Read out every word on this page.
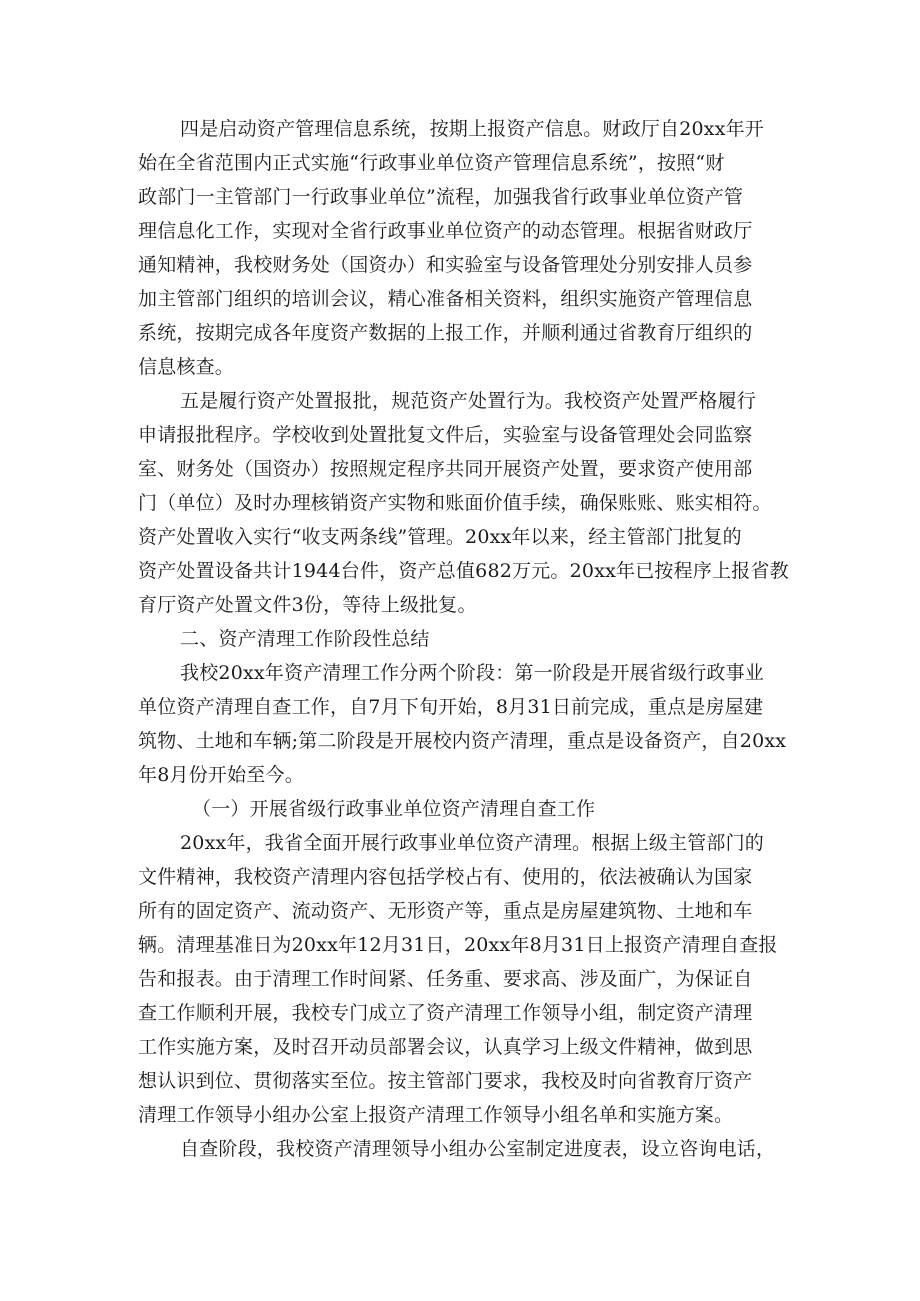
四是启动资产管理信息系统，按期上报资产信息。财政厅自20xx年开
始在全省范围内正式实施“行政事业单位资产管理信息系统”，按照“财
政部门一主管部门一行政事业单位”流程，加强我省行政事业单位资产管
理信息化工作，实现对全省行政事业单位资产的动态管理。根据省财政厅
通知精神，我校财务处（国资办）和实验室与设备管理处分别安排人员参
加主管部门组织的培训会议，精心准备相关资料，组织实施资产管理信息
系统，按期完成各年度资产数据的上报工作，并顺利通过省教育厅组织的
信息核查。
五是履行资产处置报批，规范资产处置行为。我校资产处置严格履行
申请报批程序。学校收到处置批复文件后，实验室与设备管理处会同监察
室、财务处（国资办）按照规定程序共同开展资产处置，要求资产使用部
门（单位）及时办理核销资产实物和账面价值手续，确保账账、账实相符。
资产处置收入实行“收支两条线”管理。20xx年以来，经主管部门批复的
资产处置设备共计1944台件，资产总值682万元。20xx年已按程序上报省教
育厅资产处置文件3份，等待上级批复。
二、资产清理工作阶段性总结
我校20xx年资产清理工作分两个阶段：第一阶段是开展省级行政事业
单位资产清理自查工作，自7月下旬开始，8月31日前完成，重点是房屋建
筑物、土地和车辆;第二阶段是开展校内资产清理，重点是设备资产，自20xx
年8月份开始至今。
（一）开展省级行政事业单位资产清理自查工作
20xx年，我省全面开展行政事业单位资产清理。根据上级主管部门的
文件精神，我校资产清理内容包括学校占有、使用的，依法被确认为国家
所有的固定资产、流动资产、无形资产等，重点是房屋建筑物、土地和车
辆。清理基准日为20xx年12月31日，20xx年8月31日上报资产清理自查报
告和报表。由于清理工作时间紧、任务重、要求高、涉及面广，为保证自
查工作顺利开展，我校专门成立了资产清理工作领导小组，制定资产清理
工作实施方案，及时召开动员部署会议，认真学习上级文件精神，做到思
想认识到位、贯彻落实至位。按主管部门要求，我校及时向省教育厅资产
清理工作领导小组办公室上报资产清理工作领导小组名单和实施方案。
自查阶段，我校资产清理领导小组办公室制定进度表，设立咨询电话，
